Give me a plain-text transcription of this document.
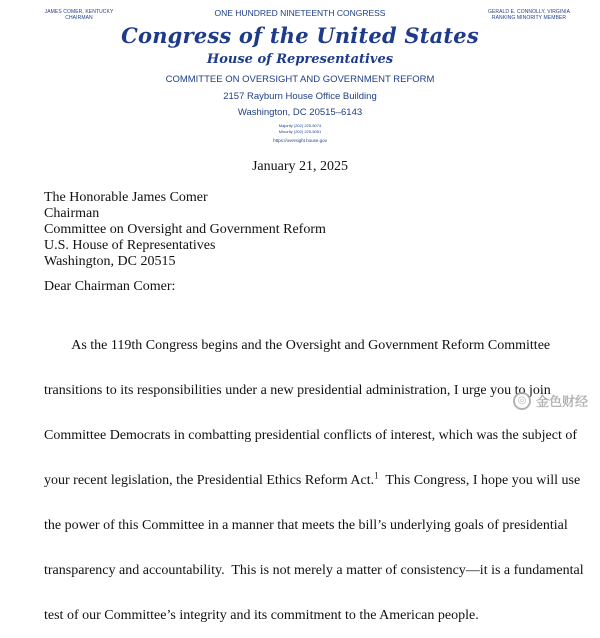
JAMES COMER, KENTUCKY
CHAIRMAN
GERALD E. CONNOLLY, VIRGINIA
RANKING MINORITY MEMBER
ONE HUNDRED NINETEENTH CONGRESS
Congress of the United States
House of Representatives
COMMITTEE ON OVERSIGHT AND GOVERNMENT REFORM
2157 Rayburn House Office Building
Washington, DC 20515–6143
Majority (202) 225-5074
Minority (202) 225-5051
https://oversight.house.gov
January 21, 2025
The Honorable James Comer
Chairman
Committee on Oversight and Government Reform
U.S. House of Representatives
Washington, DC 20515
Dear Chairman Comer:

As the 119th Congress begins and the Oversight and Government Reform Committee

transitions to its responsibilities under a new presidential administration, I urge you to join

Committee Democrats in combatting presidential conflicts of interest, which was the subject of

your recent legislation, the Presidential Ethics Reform Act.$^1$  This Congress, I hope you will use

the power of this Committee in a manner that meets the bill’s underlying goals of presidential

transparency and accountability.  This is not merely a matter of consistency—it is a fundamental

test of our Committee’s integrity and its commitment to the American people.

◎ 金色财经
